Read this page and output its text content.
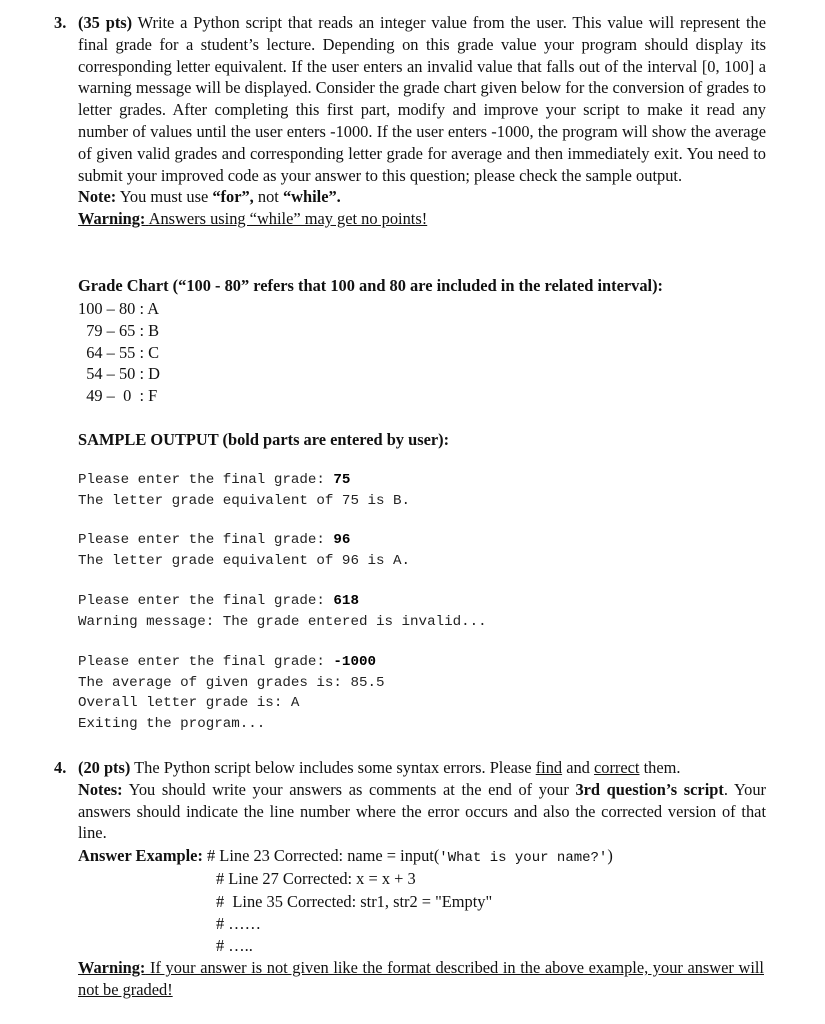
3. (35 pts) Write a Python script that reads an integer value from the user. This value will represent the final grade for a student’s lecture. Depending on this grade value your program should display its corresponding letter equivalent. If the user enters an invalid value that falls out of the interval [0, 100] a warning message will be displayed. Consider the grade chart given below for the conversion of grades to letter grades. After completing this first part, modify and improve your script to make it read any number of values until the user enters -1000. If the user enters -1000, the program will show the average of given valid grades and corresponding letter grade for average and then immediately exit. You need to submit your improved code as your answer to this question; please check the sample output.
Note: You must use “for”, not “while”.
Warning: Answers using “while” may get no points!
Grade Chart (“100 - 80” refers that 100 and 80 are included in the related interval):
100 – 80 : A
79 – 65 : B
64 – 55 : C
54 – 50 : D
49 –  0  : F
SAMPLE OUTPUT (bold parts are entered by user):
Please enter the final grade: 75
The letter grade equivalent of 75 is B.
Please enter the final grade: 96
The letter grade equivalent of 96 is A.
Please enter the final grade: 618
Warning message: The grade entered is invalid...
Please enter the final grade: -1000
The average of given grades is: 85.5
Overall letter grade is: A
Exiting the program...
4. (20 pts) The Python script below includes some syntax errors. Please find and correct them.
Notes: You should write your answers as comments at the end of your 3rd question’s script. Your answers should indicate the line number where the error occurs and also the corrected version of that line.
Answer Example: # Line 23 Corrected: name = input('What is your name?')
# Line 27 Corrected: x = x + 3
#  Line 35 Corrected: str1, str2 = "Empty"
# ……
# …..
Warning: If your answer is not given like the format described in the above example, your answer will not be graded!
